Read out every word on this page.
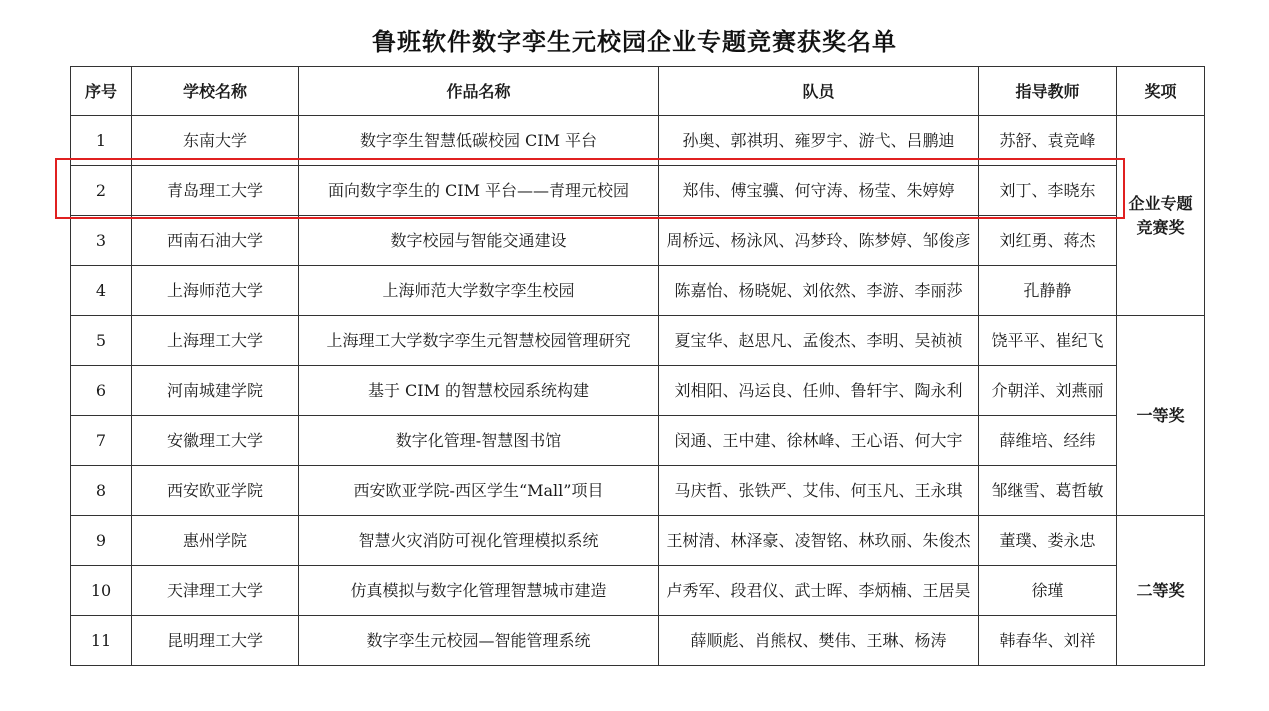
鲁班软件数字孪生元校园企业专题竞赛获奖名单
序号	学校名称	作品名称	队员	指导教师	奖项
1	东南大学	数字孪生智慧低碳校园 CIM 平台	孙奥、郭祺玥、雍罗宇、游弋、吕鹏迪	苏舒、袁竞峰	企业专题竞赛奖
2	青岛理工大学	面向数字孪生的 CIM 平台——青理元校园	郑伟、傅宝骥、何守涛、杨莹、朱婷婷	刘丁、李晓东	
3	西南石油大学	数字校园与智能交通建设	周桥远、杨泳风、冯梦玲、陈梦婷、邹俊彦	刘红勇、蒋杰	
4	上海师范大学	上海师范大学数字孪生校园	陈嘉怡、杨晓妮、刘依然、李游、李丽莎	孔静静	
5	上海理工大学	上海理工大学数字孪生元智慧校园管理研究	夏宝华、赵思凡、孟俊杰、李明、吴祯祯	饶平平、崔纪飞	一等奖
6	河南城建学院	基于 CIM 的智慧校园系统构建	刘相阳、冯运良、任帅、鲁轩宇、陶永利	介朝洋、刘燕丽	
7	安徽理工大学	数字化管理-智慧图书馆	闵通、王中建、徐林峰、王心语、何大宇	薛维培、经纬	
8	西安欧亚学院	西安欧亚学院-西区学生“Mall”项目	马庆哲、张铁严、艾伟、何玉凡、王永琪	邹继雪、葛哲敏	
9	惠州学院	智慧火灾消防可视化管理模拟系统	王树清、林泽豪、凌智铭、林玖丽、朱俊杰	董璞、娄永忠	二等奖
10	天津理工大学	仿真模拟与数字化管理智慧城市建造	卢秀军、段君仪、武士晖、李炳楠、王居昊	徐瑾	
11	昆明理工大学	数字孪生元校园—智能管理系统	薛顺彪、肖熊权、樊伟、王琳、杨涛	韩春华、刘祥	
